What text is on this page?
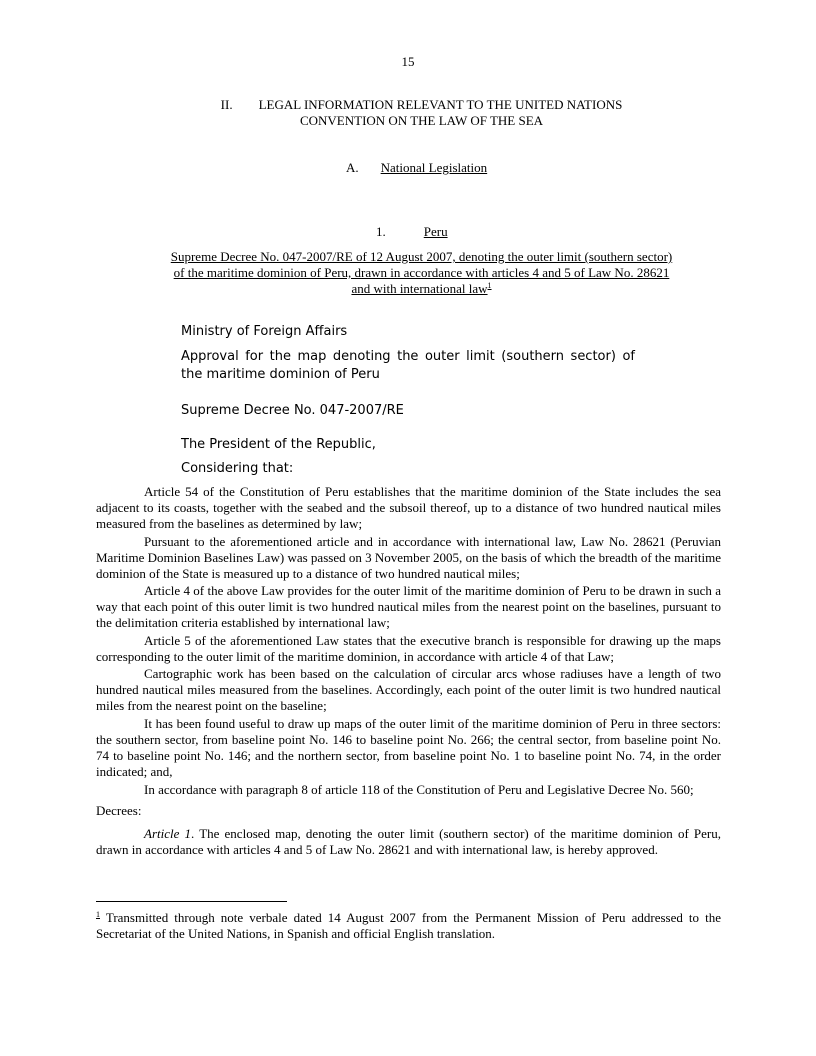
15
II.  LEGAL INFORMATION RELEVANT TO THE UNITED NATIONS
CONVENTION ON THE LAW OF THE SEA
A. National Legislation
1.	Peru
Supreme Decree No. 047-2007/RE of 12 August 2007, denoting the outer limit (southern sector)
of the maritime dominion of Peru, drawn in accordance with articles 4 and 5 of Law No. 28621
and with international law$^1$
Ministry of Foreign Affairs
Approval for the map denoting the outer limit (southern sector) of the maritime dominion of Peru
Supreme Decree No. 047-2007/RE
The President of the Republic,
Considering that:
Article 54 of the Constitution of Peru establishes that the maritime dominion of the State includes the sea adjacent to its coasts, together with the seabed and the subsoil thereof, up to a distance of two hundred nautical miles measured from the baselines as determined by law;
Pursuant to the aforementioned article and in accordance with international law, Law No. 28621 (Peruvian Maritime Dominion Baselines Law) was passed on 3 November 2005, on the basis of which the breadth of the maritime dominion of the State is measured up to a distance of two hundred nautical miles;
Article 4 of the above Law provides for the outer limit of the maritime dominion of Peru to be drawn in such a way that each point of this outer limit is two hundred nautical miles from the nearest point on the baselines, pursuant to the delimitation criteria established by international law;
Article 5 of the aforementioned Law states that the executive branch is responsible for drawing up the maps corresponding to the outer limit of the maritime dominion, in accordance with article 4 of that Law;
Cartographic work has been based on the calculation of circular arcs whose radiuses have a length of two hundred nautical miles measured from the baselines. Accordingly, each point of the outer limit is two hundred nautical miles from the nearest point on the baseline;
It has been found useful to draw up maps of the outer limit of the maritime dominion of Peru in three sectors: the southern sector, from baseline point No. 146 to baseline point No. 266; the central sector, from baseline point No. 74 to baseline point No. 146; and the northern sector, from baseline point No. 1 to baseline point No. 74, in the order indicated; and,
In accordance with paragraph 8 of article 118 of the Constitution of Peru and Legislative Decree No. 560;
Decrees:
Article 1. The enclosed map, denoting the outer limit (southern sector) of the maritime dominion of Peru, drawn in accordance with articles 4 and 5 of Law No. 28621 and with international law, is hereby approved.
$^1$ Transmitted through note verbale dated 14 August 2007 from the Permanent Mission of Peru addressed to the Secretariat of the United Nations, in Spanish and official English translation.
